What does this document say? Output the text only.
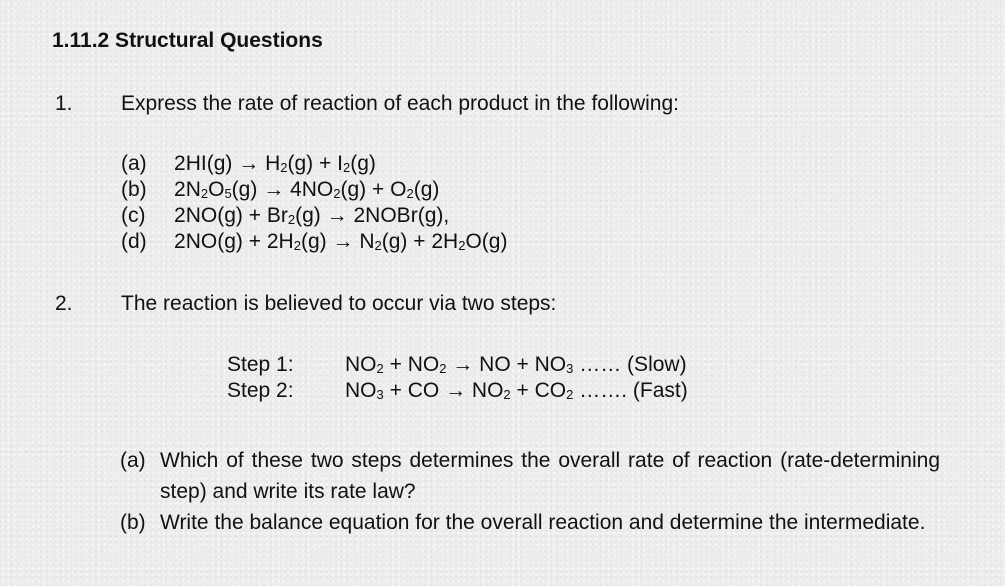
1.11.2 Structural Questions
1. Express the rate of reaction of each product in the following:
(a) $2HI(g) \to H_2(g) + I_2(g)$
(b) $2N_2O_5(g) \to 4NO_2(g) + O_2(g)$
(c) $2NO(g) + Br_2(g)$ → 2NOBr(g),
(d) $2NO(g) + 2H_2(g) \to N_2(g) + 2H_2O(g)$
2. The reaction is believed to occur via two steps:
Step 1: $NO_2 + NO_2$ → NO + $NO_3$ …… (Slow)
Step 2: $NO_3$ + CO → $NO_2 + CO_2$ ……. (Fast)
(a) Which of these two steps determines the overall rate of reaction (rate-determining step) and write its rate law?
(b) Write the balance equation for the overall reaction and determine the intermediate.
